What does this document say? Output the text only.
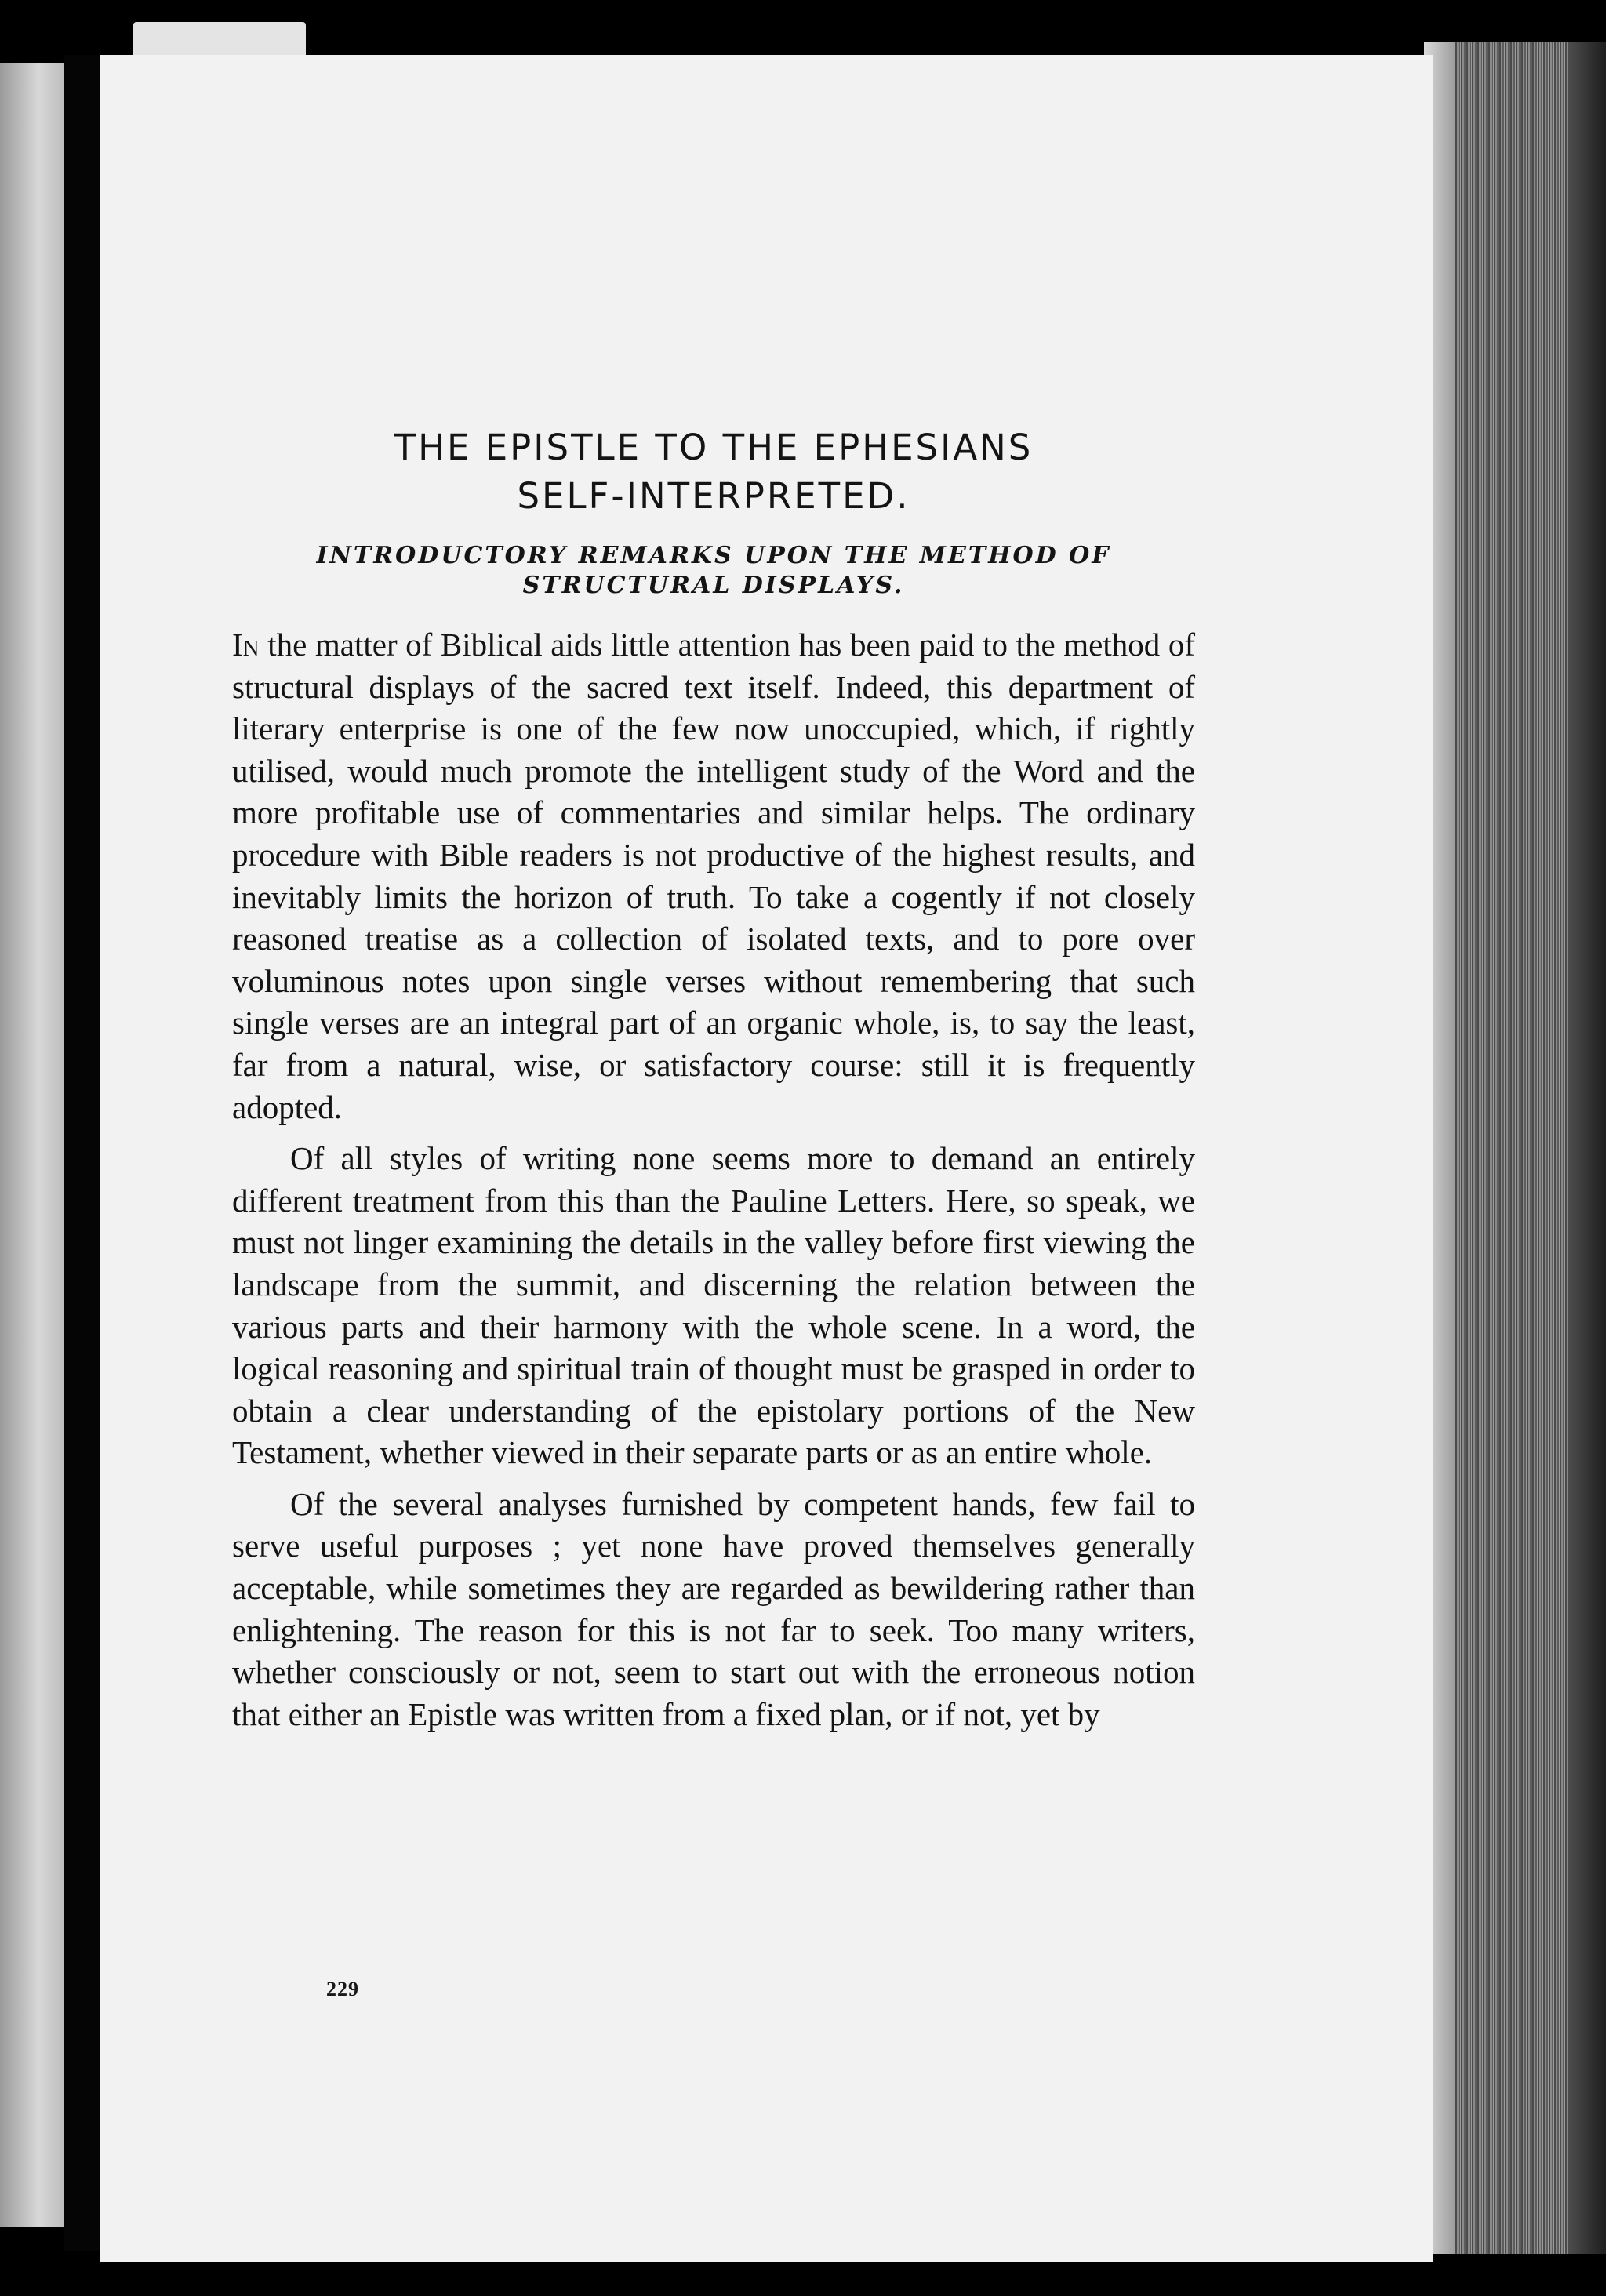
THE EPISTLE TO THE EPHESIANS
SELF-INTERPRETED.
INTRODUCTORY REMARKS UPON THE METHOD OF
STRUCTURAL DISPLAYS.

In the matter of Biblical aids little attention has been paid to the method of structural displays of the sacred text itself. Indeed, this department of literary enterprise is one of the few now unoccupied, which, if rightly utilised, would much promote the intelligent study of the Word and the more profitable use of commentaries and similar helps. The ordinary procedure with Bible readers is not productive of the highest results, and inevitably limits the horizon of truth. To take a cogently if not closely reasoned treatise as a collection of isolated texts, and to pore over voluminous notes upon single verses without remembering that such single verses are an integral part of an organic whole, is, to say the least, far from a natural, wise, or satisfactory course: still it is frequently adopted.

Of all styles of writing none seems more to demand an entirely different treatment from this than the Pauline Letters. Here, so speak, we must not linger examining the details in the valley before first viewing the landscape from the summit, and discerning the relation between the various parts and their harmony with the whole scene. In a word, the logical reasoning and spiritual train of thought must be grasped in order to obtain a clear understanding of the epistolary portions of the New Testament, whether viewed in their separate parts or as an entire whole.

Of the several analyses furnished by competent hands, few fail to serve useful purposes ; yet none have proved themselves generally acceptable, while sometimes they are regarded as bewildering rather than enlightening. The reason for this is not far to seek. Too many writers, whether consciously or not, seem to start out with the erroneous notion that either an Epistle was written from a fixed plan, or if not, yet by

229
